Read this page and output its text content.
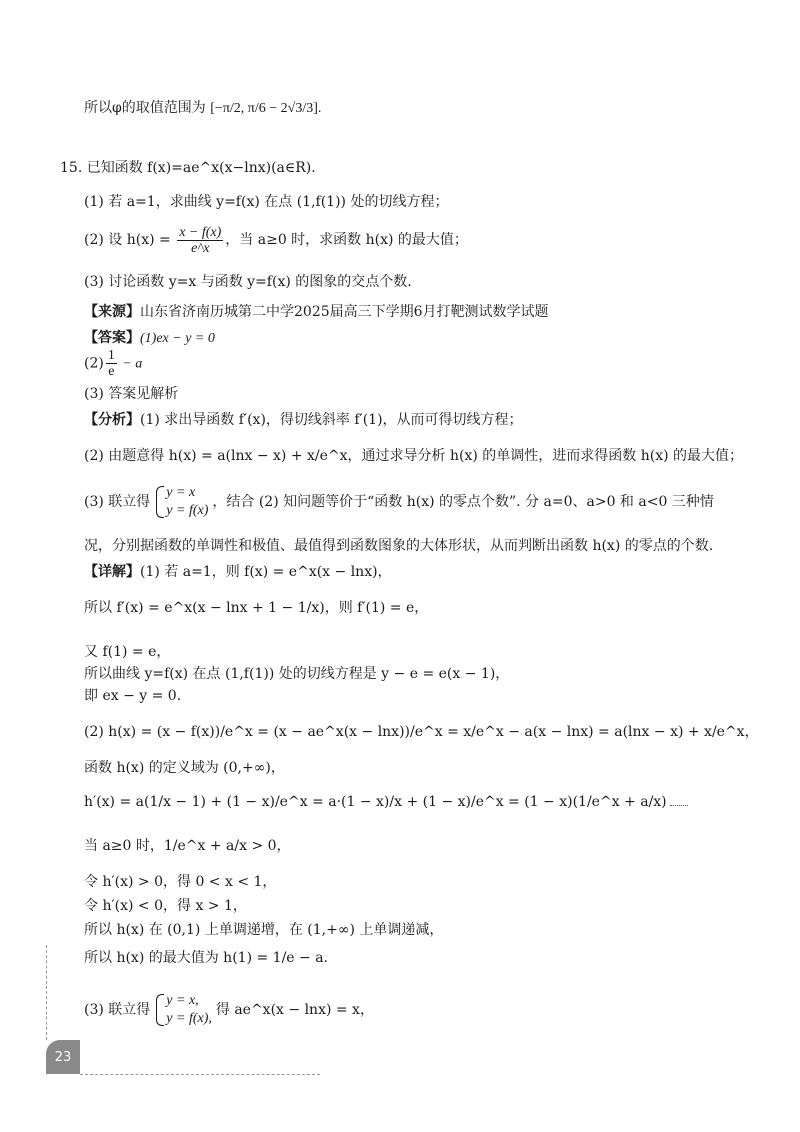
所以φ的取值范围为 [−π/2, π/6 − 2√3/3].
15. 已知函数 f(x)=ae^x(x−lnx)(a∈R).
(1) 若 a=1，求曲线 y=f(x) 在点 (1,f(1)) 处的切线方程；
(2) 设 $h(x) = \frac{x - f(x)}{e\^{}x}$ ，当 a≥0 时，求函数 h(x) 的最大值；
(3) 讨论函数 y=x 与函数 y=f(x) 的图象的交点个数.
【来源】山东省济南历城第二中学2025届高三下学期6月打靶测试数学试题
【答案】(1)ex − y = 0
$(2) \frac{1}{e} - a$
(3) 答案见解析
【分析】(1) 求出导函数 f′(x)，得切线斜率 f′(1)，从而可得切线方程；
(2) 由题意得 h(x) = a(lnx − x) + x/e^x，通过求导分析 h(x) 的单调性，进而求得函数 h(x) 的最大值；
(3) 联立得
y = x
y = f(x)
，结合 (2) 知问题等价于“函数 h(x) 的零点个数”. 分 a=0、a>0 和 a<0 三种情
况，分别据函数的单调性和极值、最值得到函数图象的大体形状，从而判断出函数 h(x) 的零点的个数.
【详解】(1) 若 a=1，则 f(x) = e^x(x − lnx)，
所以 f′(x) = e^x(x − lnx + 1 − 1/x)，则 f′(1) = e，
又 f(1) = e，
所以曲线 y=f(x) 在点 (1,f(1)) 处的切线方程是 y − e = e(x − 1)，
即 ex − y = 0.
(2) h(x) = (x − f(x))/e^x = (x − ae^x(x − lnx))/e^x = x/e^x − a(x − lnx) = a(lnx − x) + x/e^x，
函数 h(x) 的定义域为 (0,+∞)，
h′(x) = a(1/x − 1) + (1 − x)/e^x = a·(1 − x)/x + (1 − x)/e^x = (1 − x)(1/e^x + a/x)
当 a≥0 时，1/e^x + a/x > 0，
令 h′(x) > 0，得 0 < x < 1，
令 h′(x) < 0，得 x > 1，
所以 h(x) 在 (0,1) 上单调递增，在 (1,+∞) 上单调递减，
所以 h(x) 的最大值为 h(1) = 1/e − a.
(3) 联立得
y = x,
y = f(x),
得 ae^x(x − lnx) = x，
23
